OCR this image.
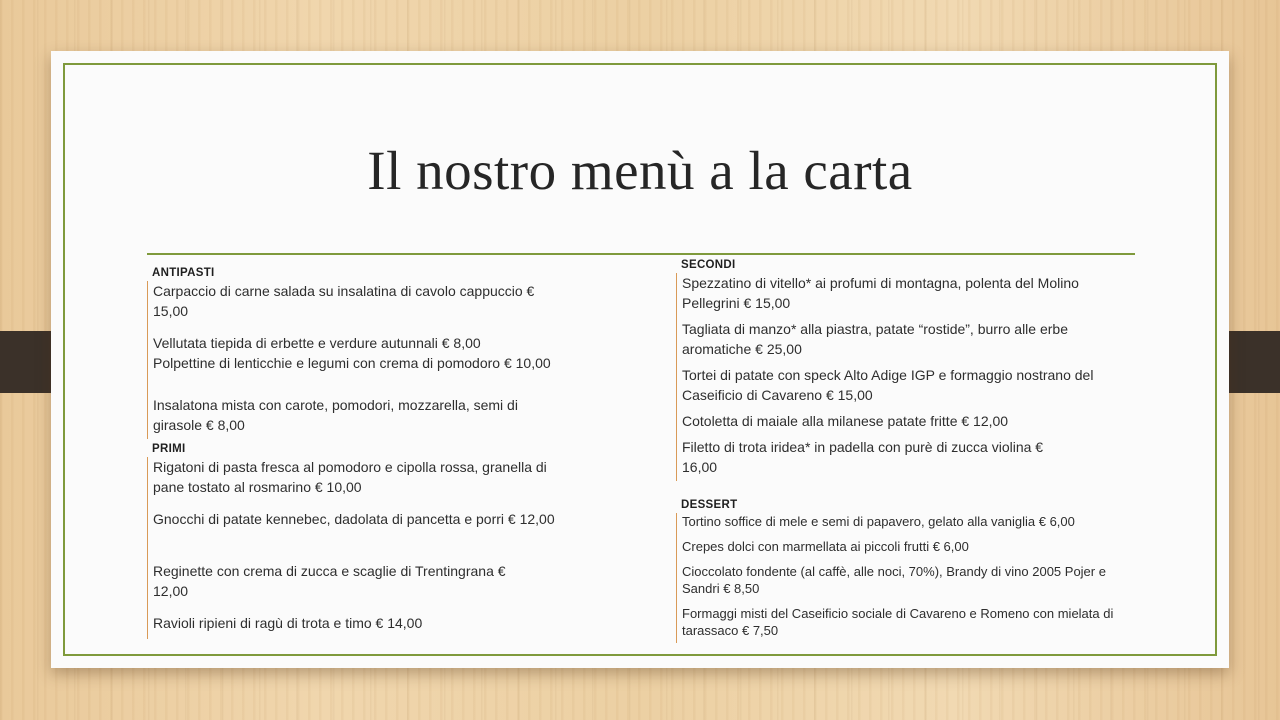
Il nostro menù a la carta
ANTIPASTI

Carpaccio di carne salada su insalatina di cavolo cappuccio € 15,00

Vellutata tiepida di erbette e verdure autunnali € 8,00

Polpettine di lenticchie e legumi con crema di pomodoro € 10,00

Insalatona mista con carote, pomodori, mozzarella, semi di girasole € 8,00

PRIMI

Rigatoni di pasta fresca al pomodoro e cipolla rossa, granella di pane tostato al rosmarino € 10,00

Gnocchi di patate kennebec, dadolata di pancetta e porri € 12,00

Reginette con crema di zucca e scaglie di Trentingrana € 12,00

Ravioli ripieni di ragù di trota e timo € 14,00

SECONDI

Spezzatino di vitello* ai profumi di montagna, polenta del Molino Pellegrini € 15,00

Tagliata di manzo* alla piastra, patate “rostide”, burro alle erbe aromatiche € 25,00

Tortei di patate con speck Alto Adige IGP e formaggio nostrano del Caseificio di Cavareno € 15,00

Cotoletta di maiale alla milanese patate fritte € 12,00

Filetto di trota iridea* in padella con purè di zucca violina € 16,00

DESSERT

Tortino soffice di mele e semi di papavero, gelato alla vaniglia € 6,00

Crepes dolci con marmellata ai piccoli frutti € 6,00

Cioccolato fondente (al caffè, alle noci, 70%), Brandy di vino 2005 Pojer e Sandri € 8,50

Formaggi misti del Caseificio sociale di Cavareno e Romeno con mielata di tarassaco € 7,50
